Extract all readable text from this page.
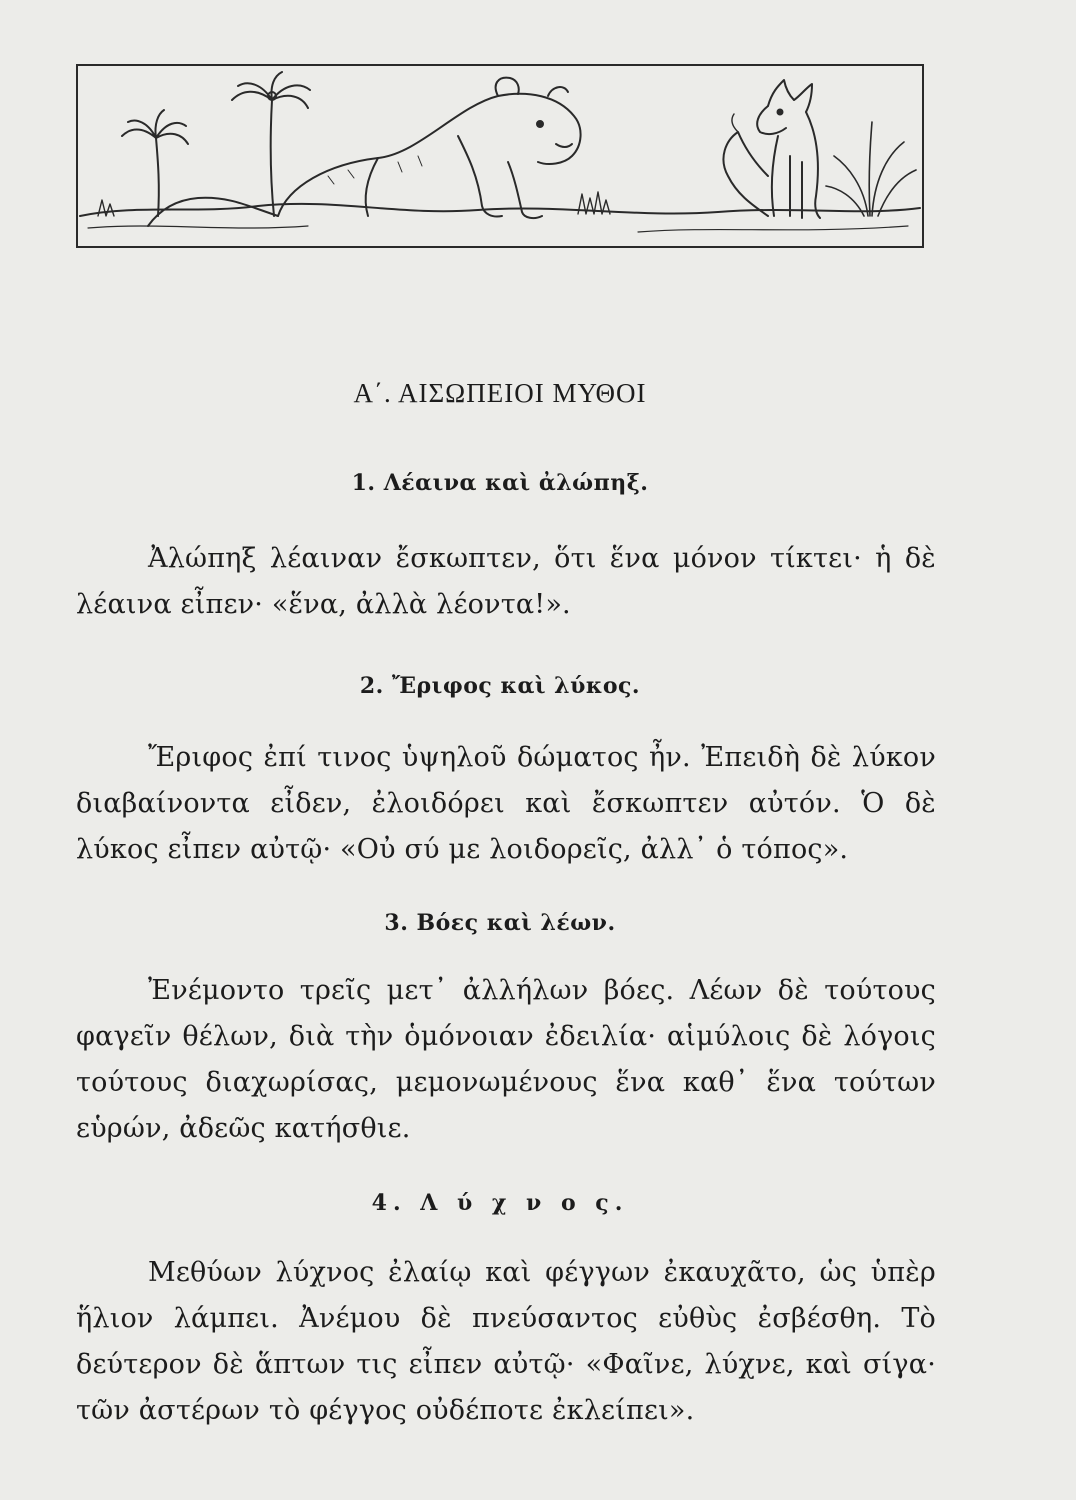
Α΄. ΑΙΣΩΠΕΙΟΙ ΜΥΘΟΙ
1. Λέαινα καὶ ἀλώπηξ.
Ἀλώπηξ λέαιναν ἔσκωπτεν, ὅτι ἕνα μόνον τίκτει· ἡ δὲ λέαινα εἶπεν· «ἕνα, ἀλλὰ λέοντα!».
2. Ἔριφος καὶ λύκος.
Ἔριφος ἐπί τινος ὑψηλοῦ δώματος ἦν. Ἐπειδὴ δὲ λύκον διαβαίνοντα εἶδεν, ἐλοιδόρει καὶ ἔσκωπτεν αὐτόν. Ὁ δὲ λύκος εἶπεν αὐτῷ· «Οὐ σύ με λοιδορεῖς, ἀλλ᾽ ὁ τόπος».
3. Βόες καὶ λέων.
Ἐνέμοντο τρεῖς μετ᾽ ἀλλήλων βόες. Λέων δὲ τούτους φαγεῖν θέλων, διὰ τὴν ὁμόνοιαν ἐδειλία· αἱμύλοις δὲ λόγοις τούτους διαχωρίσας, μεμονωμένους ἕνα καθ᾽ ἕνα τούτων εὑρών, ἀδεῶς κατήσθιε.
4. Λ ύ χ ν ο ς.
Μεθύων λύχνος ἐλαίῳ καὶ φέγγων ἐκαυχᾶτο, ὡς ὑπὲρ ἥλιον λάμπει. Ἀνέμου δὲ πνεύσαντος εὐθὺς ἐσβέσθη. Τὸ δεύτερον δὲ ἅπτων τις εἶπεν αὐτῷ· «Φαῖνε, λύχνε, καὶ σίγα· τῶν ἀστέρων τὸ φέγγος οὐδέποτε ἐκλείπει».
